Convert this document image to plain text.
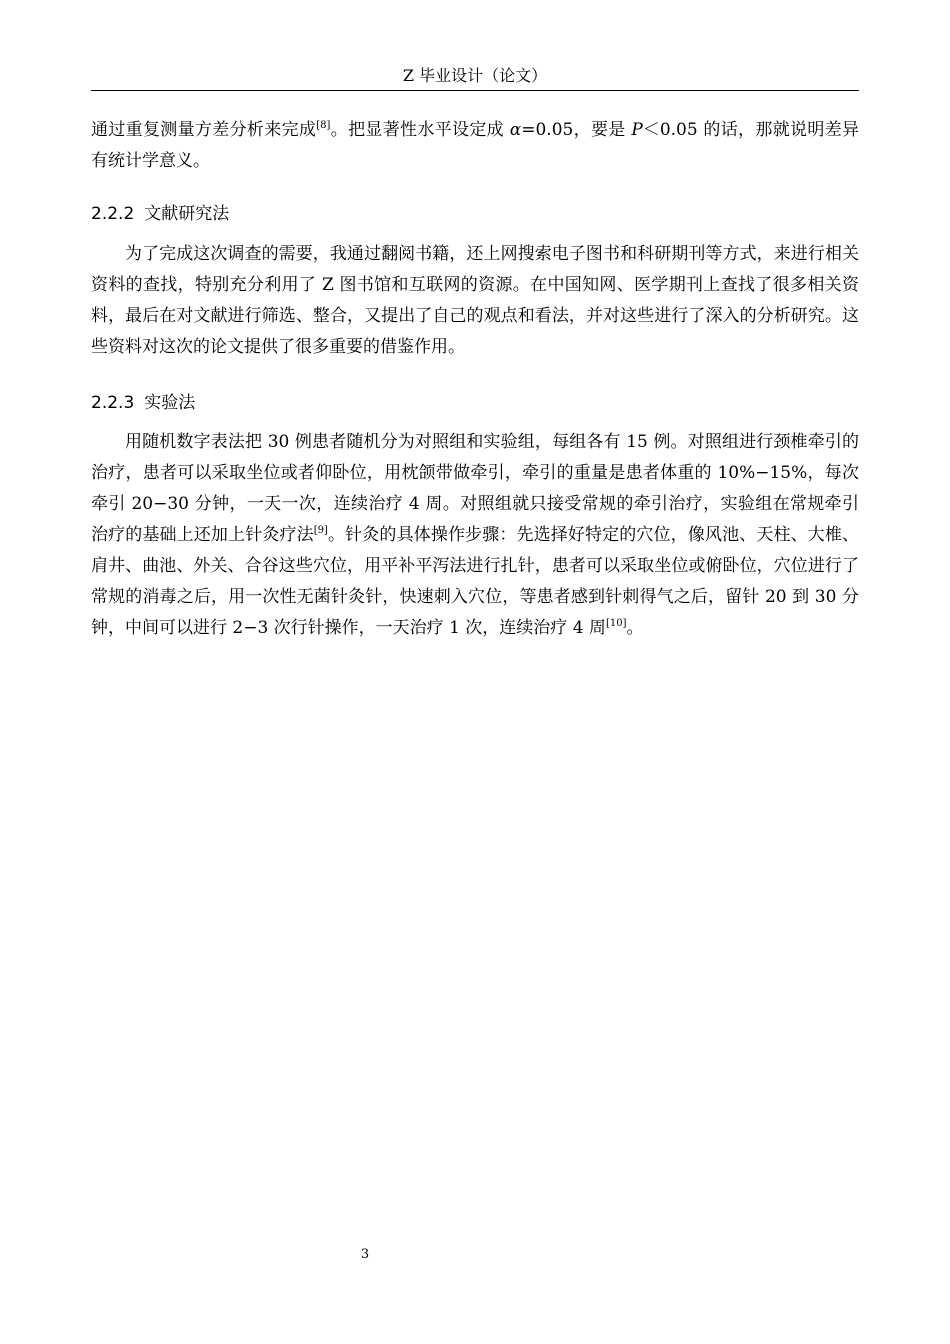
Z 毕业设计（论文）
通过重复测量方差分析来完成[8]。把显著性水平设定成 α=0.05，要是 P＜0.05 的话，那就说明差异有统计学意义。
2.2.2 文献研究法
为了完成这次调查的需要，我通过翻阅书籍，还上网搜索电子图书和科研期刊等方式，来进行相关资料的查找，特别充分利用了 Z 图书馆和互联网的资源。在中国知网、医学期刊上查找了很多相关资料，最后在对文献进行筛选、整合，又提出了自己的观点和看法，并对这些进行了深入的分析研究。这些资料对这次的论文提供了很多重要的借鉴作用。
2.2.3 实验法
用随机数字表法把 30 例患者随机分为对照组和实验组，每组各有 15 例。对照组进行颈椎牵引的治疗，患者可以采取坐位或者仰卧位，用枕颌带做牵引，牵引的重量是患者体重的 10%−15%，每次牵引 20−30 分钟，一天一次，连续治疗 4 周。对照组就只接受常规的牵引治疗，实验组在常规牵引治疗的基础上还加上针灸疗法[9]。针灸的具体操作步骤：先选择好特定的穴位，像风池、天柱、大椎、肩井、曲池、外关、合谷这些穴位，用平补平泻法进行扎针，患者可以采取坐位或俯卧位，穴位进行了常规的消毒之后，用一次性无菌针灸针，快速刺入穴位，等患者感到针刺得气之后，留针 20 到 30 分钟，中间可以进行 2−3 次行针操作，一天治疗 1 次，连续治疗 4 周[10]。
3
